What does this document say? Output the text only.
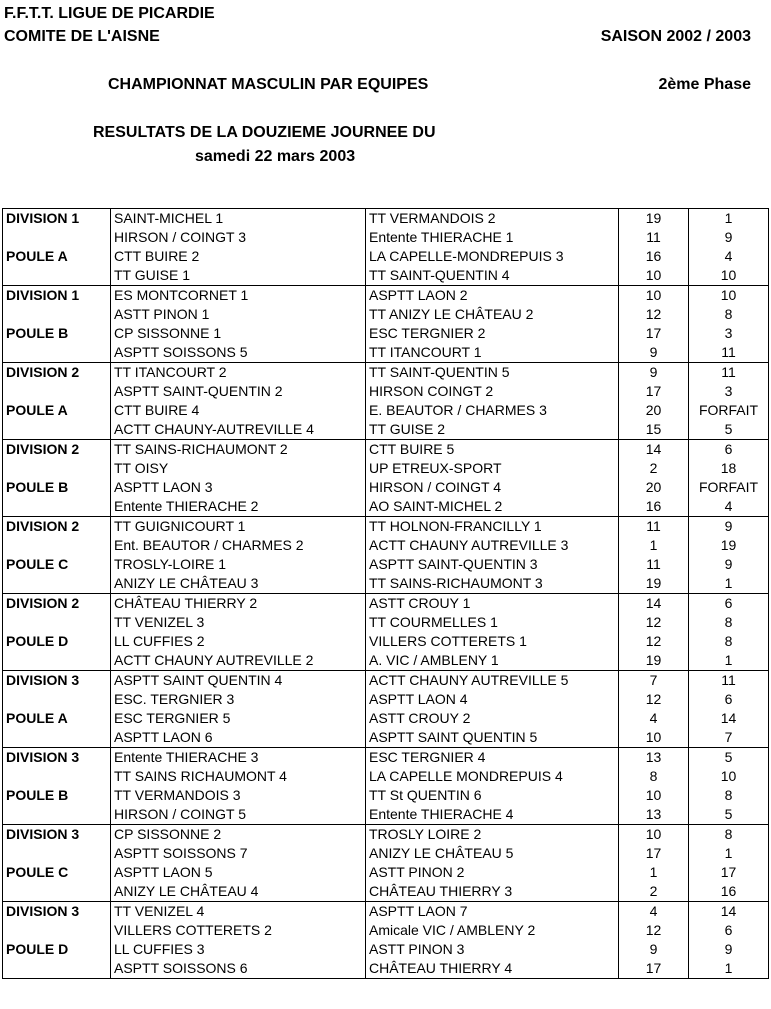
F.F.T.T. LIGUE DE PICARDIE
COMITE DE L'AISNE	SAISON 2002 / 2003
CHAMPIONNAT MASCULIN PAR EQUIPES	2ème Phase
RESULTATS DE LA DOUZIEME JOURNEE DU
samedi 22 mars 2003
DIVISION 1	SAINT-MICHEL 1	TT VERMANDOIS 2	19	1
	HIRSON / COINGT 3	Entente THIERACHE 1	11	9
POULE A	CTT BUIRE 2	LA CAPELLE-MONDREPUIS 3	16	4
	TT GUISE 1	TT SAINT-QUENTIN 4	10	10
DIVISION 1	ES MONTCORNET 1	ASPTT LAON 2	10	10
	ASTT PINON 1	TT ANIZY LE CHÂTEAU 2	12	8
POULE B	CP SISSONNE 1	ESC TERGNIER 2	17	3
	ASPTT SOISSONS 5	TT ITANCOURT 1	9	11
DIVISION 2	TT ITANCOURT 2	TT SAINT-QUENTIN 5	9	11
	ASPTT SAINT-QUENTIN 2	HIRSON COINGT 2	17	3
POULE A	CTT BUIRE 4	E. BEAUTOR / CHARMES 3	20	FORFAIT
	ACTT CHAUNY-AUTREVILLE 4	TT GUISE 2	15	5
DIVISION 2	TT SAINS-RICHAUMONT 2	CTT BUIRE 5	14	6
	TT OISY	UP ETREUX-SPORT	2	18
POULE B	ASPTT LAON 3	HIRSON / COINGT 4	20	FORFAIT
	Entente THIERACHE 2	AO SAINT-MICHEL 2	16	4
DIVISION 2	TT GUIGNICOURT 1	TT HOLNON-FRANCILLY 1	11	9
	Ent. BEAUTOR / CHARMES 2	ACTT CHAUNY AUTREVILLE 3	1	19
POULE C	TROSLY-LOIRE 1	ASPTT SAINT-QUENTIN 3	11	9
	ANIZY LE CHÂTEAU 3	TT SAINS-RICHAUMONT 3	19	1
DIVISION 2	CHÂTEAU THIERRY 2	ASTT CROUY 1	14	6
	TT VENIZEL 3	TT COURMELLES 1	12	8
POULE D	LL CUFFIES 2	VILLERS COTTERETS 1	12	8
	ACTT CHAUNY AUTREVILLE 2	A. VIC / AMBLENY 1	19	1
DIVISION 3	ASPTT SAINT QUENTIN 4	ACTT CHAUNY AUTREVILLE 5	7	11
	ESC. TERGNIER 3	ASPTT LAON 4	12	6
POULE A	ESC TERGNIER 5	ASTT CROUY 2	4	14
	ASPTT LAON 6	ASPTT SAINT QUENTIN 5	10	7
DIVISION 3	Entente THIERACHE 3	ESC TERGNIER 4	13	5
	TT SAINS RICHAUMONT 4	LA CAPELLE MONDREPUIS 4	8	10
POULE B	TT VERMANDOIS 3	TT St QUENTIN 6	10	8
	HIRSON / COINGT 5	Entente THIERACHE 4	13	5
DIVISION 3	CP SISSONNE 2	TROSLY LOIRE 2	10	8
	ASPTT SOISSONS 7	ANIZY LE CHÂTEAU 5	17	1
POULE C	ASPTT LAON 5	ASTT PINON 2	1	17
	ANIZY LE CHÂTEAU 4	CHÂTEAU THIERRY 3	2	16
DIVISION 3	TT VENIZEL 4	ASPTT LAON 7	4	14
	VILLERS COTTERETS 2	Amicale VIC / AMBLENY 2	12	6
POULE D	LL CUFFIES 3	ASTT PINON 3	9	9
	ASPTT SOISSONS 6	CHÂTEAU THIERRY 4	17	1
